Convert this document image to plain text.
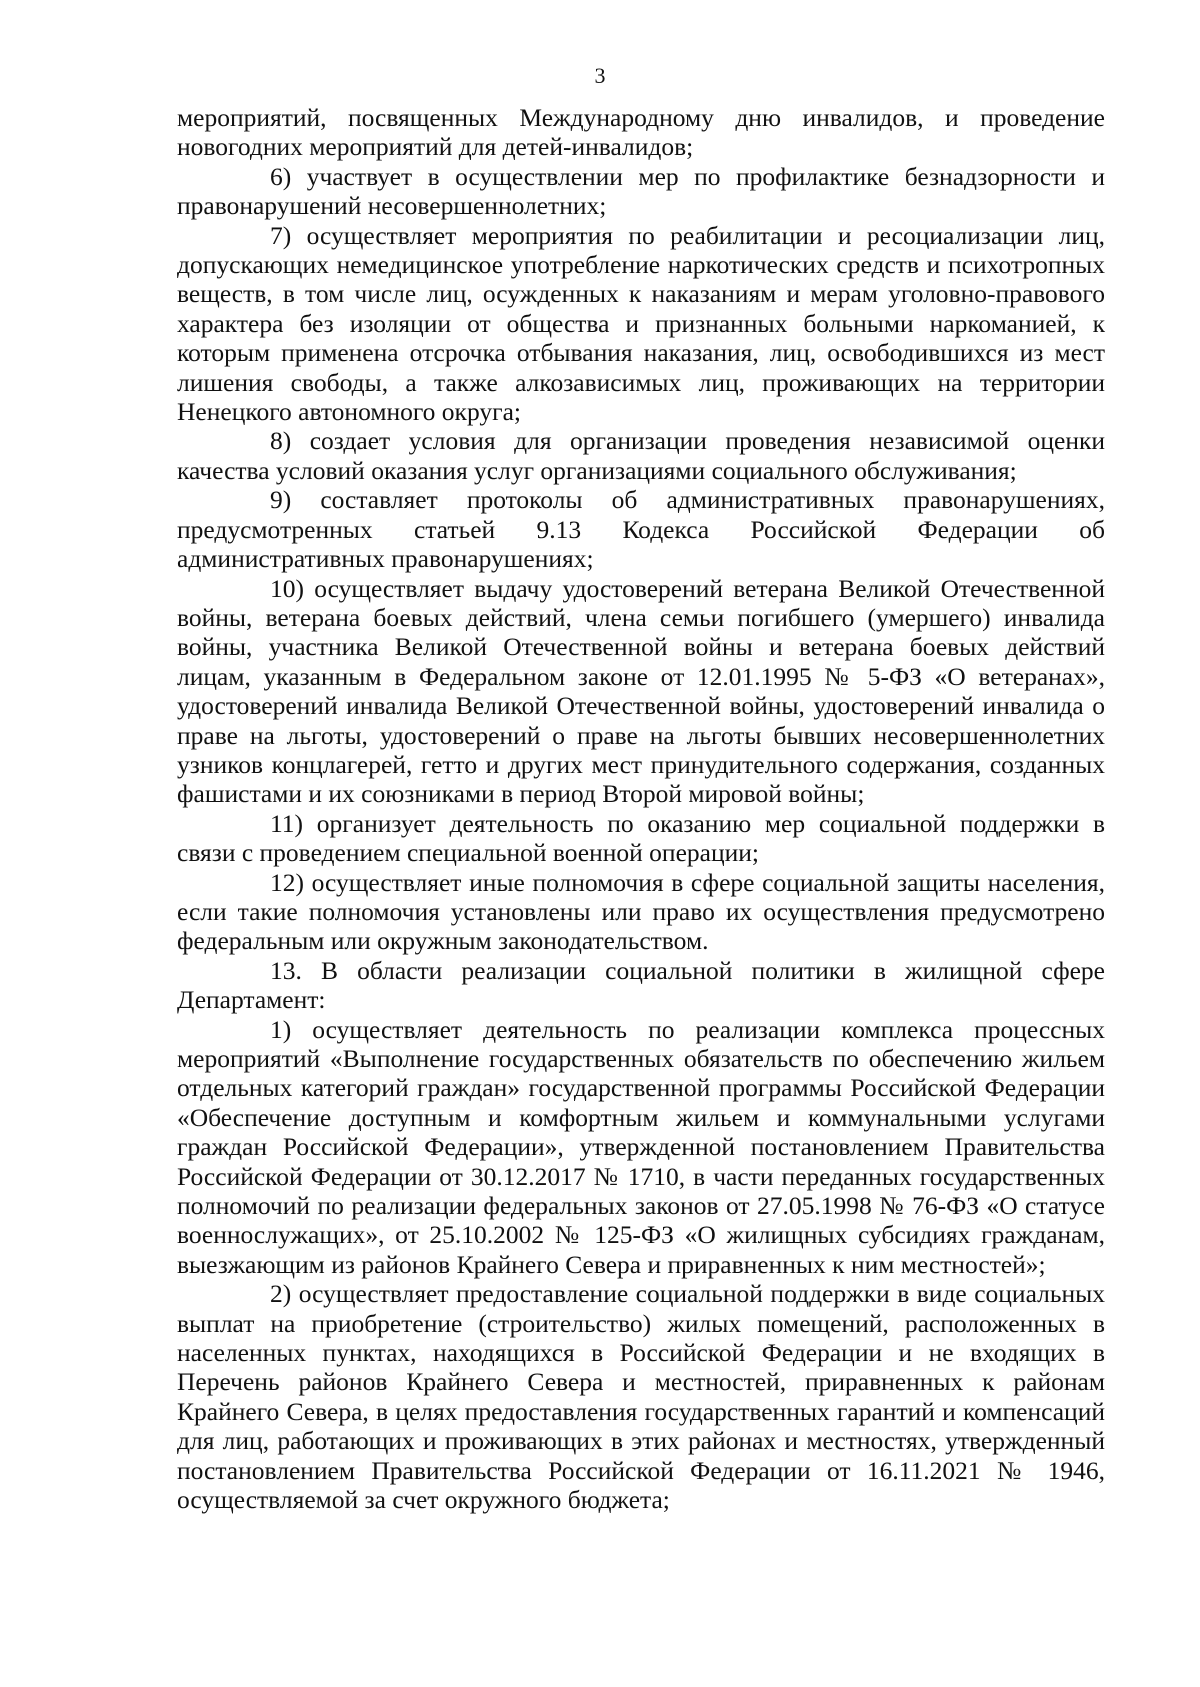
3

мероприятий, посвященных Международному дню инвалидов, и проведение новогодних мероприятий для детей-инвалидов;

6) участвует в осуществлении мер по профилактике безнадзорности и правонарушений несовершеннолетних;

7) осуществляет мероприятия по реабилитации и ресоциализации лиц, допускающих немедицинское употребление наркотических средств и психотропных веществ, в том числе лиц, осужденных к наказаниям и мерам уголовно-правового характера без изоляции от общества и признанных больными наркоманией, к которым применена отсрочка отбывания наказания, лиц, освободившихся из мест лишения свободы, а также алкозависимых лиц, проживающих на территории Ненецкого автономного округа;

8) создает условия для организации проведения независимой оценки качества условий оказания услуг организациями социального обслуживания;

9) составляет протоколы об административных правонарушениях, предусмотренных статьей 9.13 Кодекса Российской Федерации об административных правонарушениях;

10) осуществляет выдачу удостоверений ветерана Великой Отечественной войны, ветерана боевых действий, члена семьи погибшего (умершего) инвалида войны, участника Великой Отечественной войны и ветерана боевых действий лицам, указанным в Федеральном законе от 12.01.1995 № 5-ФЗ «О ветеранах», удостоверений инвалида Великой Отечественной войны, удостоверений инвалида о праве на льготы, удостоверений о праве на льготы бывших несовершеннолетних узников концлагерей, гетто и других мест принудительного содержания, созданных фашистами и их союзниками в период Второй мировой войны;

11) организует деятельность по оказанию мер социальной поддержки в связи с проведением специальной военной операции;

12) осуществляет иные полномочия в сфере социальной защиты населения, если такие полномочия установлены или право их осуществления предусмотрено федеральным или окружным законодательством.

13. В области реализации социальной политики в жилищной сфере Департамент:

1) осуществляет деятельность по реализации комплекса процессных мероприятий «Выполнение государственных обязательств по обеспечению жильем отдельных категорий граждан» государственной программы Российской Федерации «Обеспечение доступным и комфортным жильем и коммунальными услугами граждан Российской Федерации», утвержденной постановлением Правительства Российской Федерации от 30.12.2017 № 1710, в части переданных государственных полномочий по реализации федеральных законов от 27.05.1998 № 76-ФЗ «О статусе военнослужащих», от 25.10.2002 № 125-ФЗ «О жилищных субсидиях гражданам, выезжающим из районов Крайнего Севера и приравненных к ним местностей»;

2) осуществляет предоставление социальной поддержки в виде социальных выплат на приобретение (строительство) жилых помещений, расположенных в населенных пунктах, находящихся в Российской Федерации и не входящих в Перечень районов Крайнего Севера и местностей, приравненных к районам Крайнего Севера, в целях предоставления государственных гарантий и компенсаций для лиц, работающих и проживающих в этих районах и местностях, утвержденный постановлением Правительства Российской Федерации от 16.11.2021 № 1946, осуществляемой за счет окружного бюджета;
